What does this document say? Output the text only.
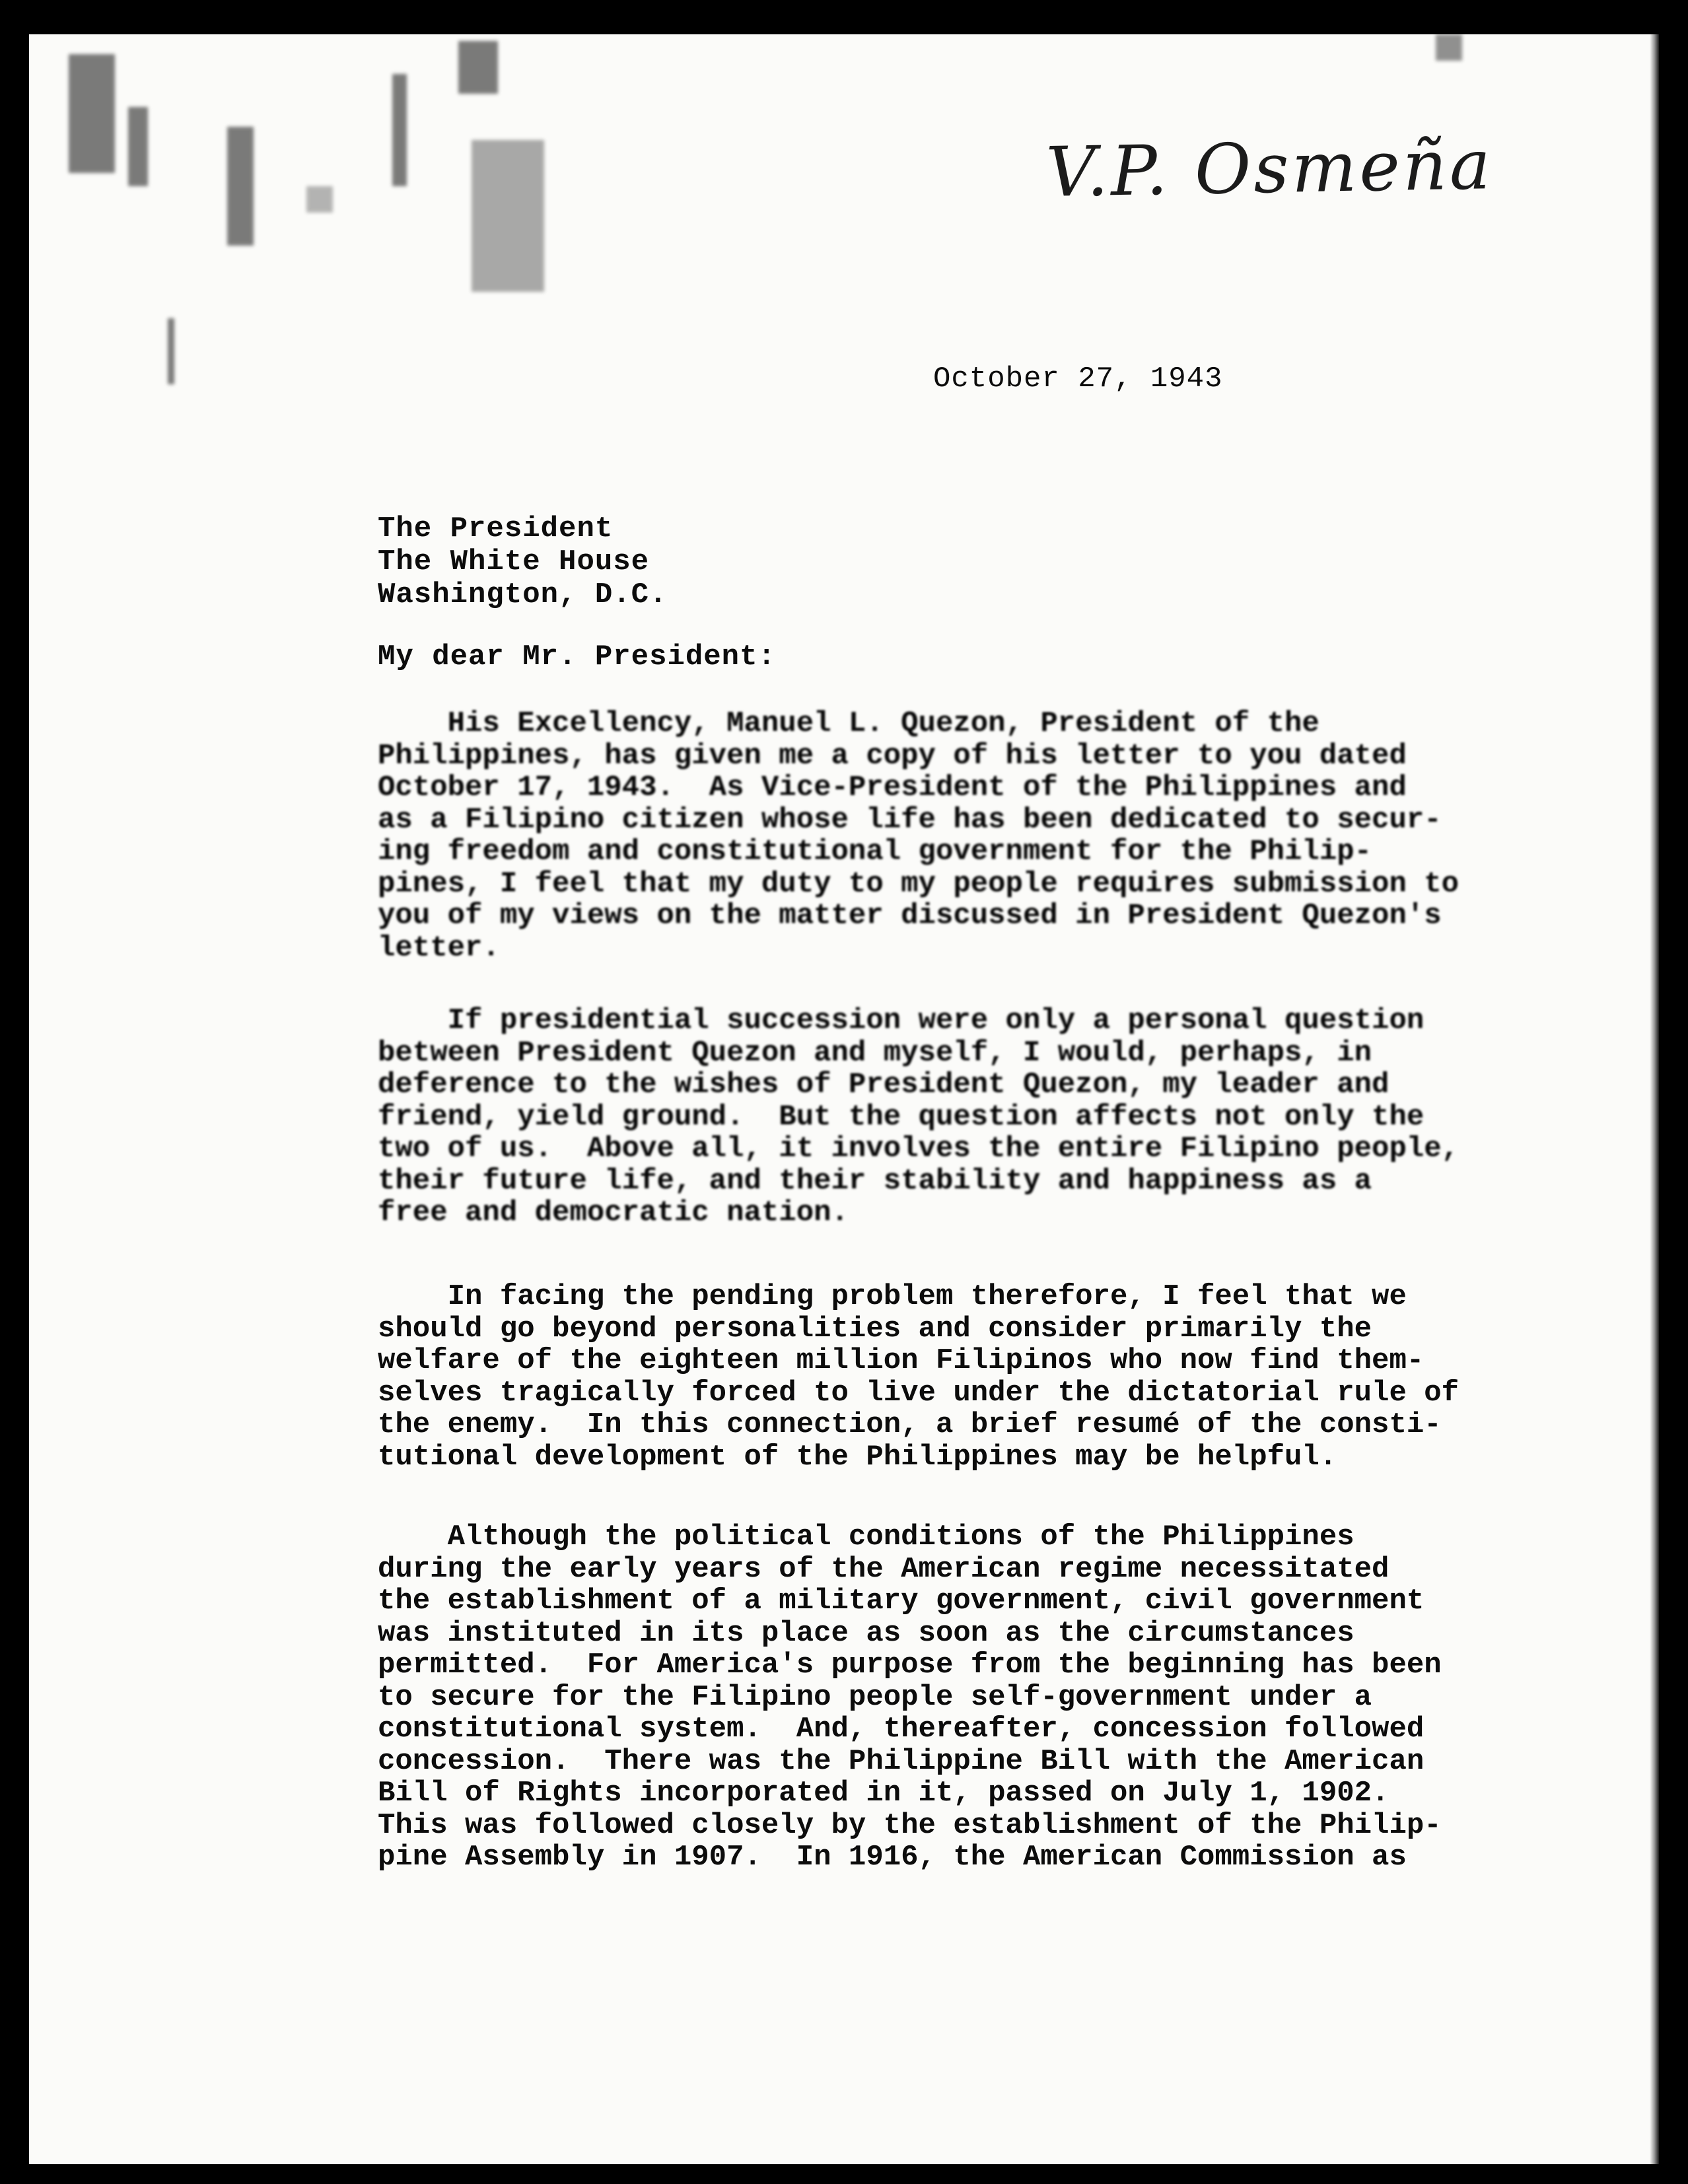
V.P. Osmeña
October 27, 1943
The President
The White House
Washington, D.C.
My dear Mr. President:
His Excellency, Manuel L. Quezon, President of the
Philippines, has given me a copy of his letter to you dated
October 17, 1943.  As Vice-President of the Philippines and
as a Filipino citizen whose life has been dedicated to secur-
ing freedom and constitutional government for the Philip-
pines, I feel that my duty to my people requires submission to
you of my views on the matter discussed in President Quezon's
letter.
If presidential succession were only a personal question
between President Quezon and myself, I would, perhaps, in
deference to the wishes of President Quezon, my leader and
friend, yield ground.  But the question affects not only the
two of us.  Above all, it involves the entire Filipino people,
their future life, and their stability and happiness as a
free and democratic nation.
In facing the pending problem therefore, I feel that we
should go beyond personalities and consider primarily the
welfare of the eighteen million Filipinos who now find them-
selves tragically forced to live under the dictatorial rule of
the enemy.  In this connection, a brief resumé of the consti-
tutional development of the Philippines may be helpful.
Although the political conditions of the Philippines
during the early years of the American regime necessitated
the establishment of a military government, civil government
was instituted in its place as soon as the circumstances
permitted.  For America's purpose from the beginning has been
to secure for the Filipino people self-government under a
constitutional system.  And, thereafter, concession followed
concession.  There was the Philippine Bill with the American
Bill of Rights incorporated in it, passed on July 1, 1902.
This was followed closely by the establishment of the Philip-
pine Assembly in 1907.  In 1916, the American Commission as
